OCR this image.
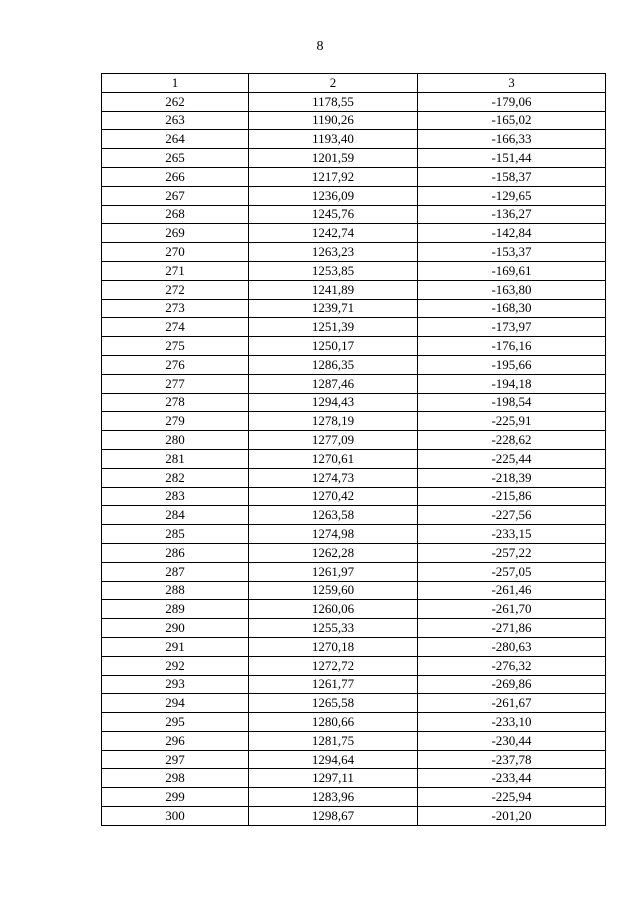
8
1	2	3
262	1178,55	-179,06
263	1190,26	-165,02
264	1193,40	-166,33
265	1201,59	-151,44
266	1217,92	-158,37
267	1236,09	-129,65
268	1245,76	-136,27
269	1242,74	-142,84
270	1263,23	-153,37
271	1253,85	-169,61
272	1241,89	-163,80
273	1239,71	-168,30
274	1251,39	-173,97
275	1250,17	-176,16
276	1286,35	-195,66
277	1287,46	-194,18
278	1294,43	-198,54
279	1278,19	-225,91
280	1277,09	-228,62
281	1270,61	-225,44
282	1274,73	-218,39
283	1270,42	-215,86
284	1263,58	-227,56
285	1274,98	-233,15
286	1262,28	-257,22
287	1261,97	-257,05
288	1259,60	-261,46
289	1260,06	-261,70
290	1255,33	-271,86
291	1270,18	-280,63
292	1272,72	-276,32
293	1261,77	-269,86
294	1265,58	-261,67
295	1280,66	-233,10
296	1281,75	-230,44
297	1294,64	-237,78
298	1297,11	-233,44
299	1283,96	-225,94
300	1298,67	-201,20
